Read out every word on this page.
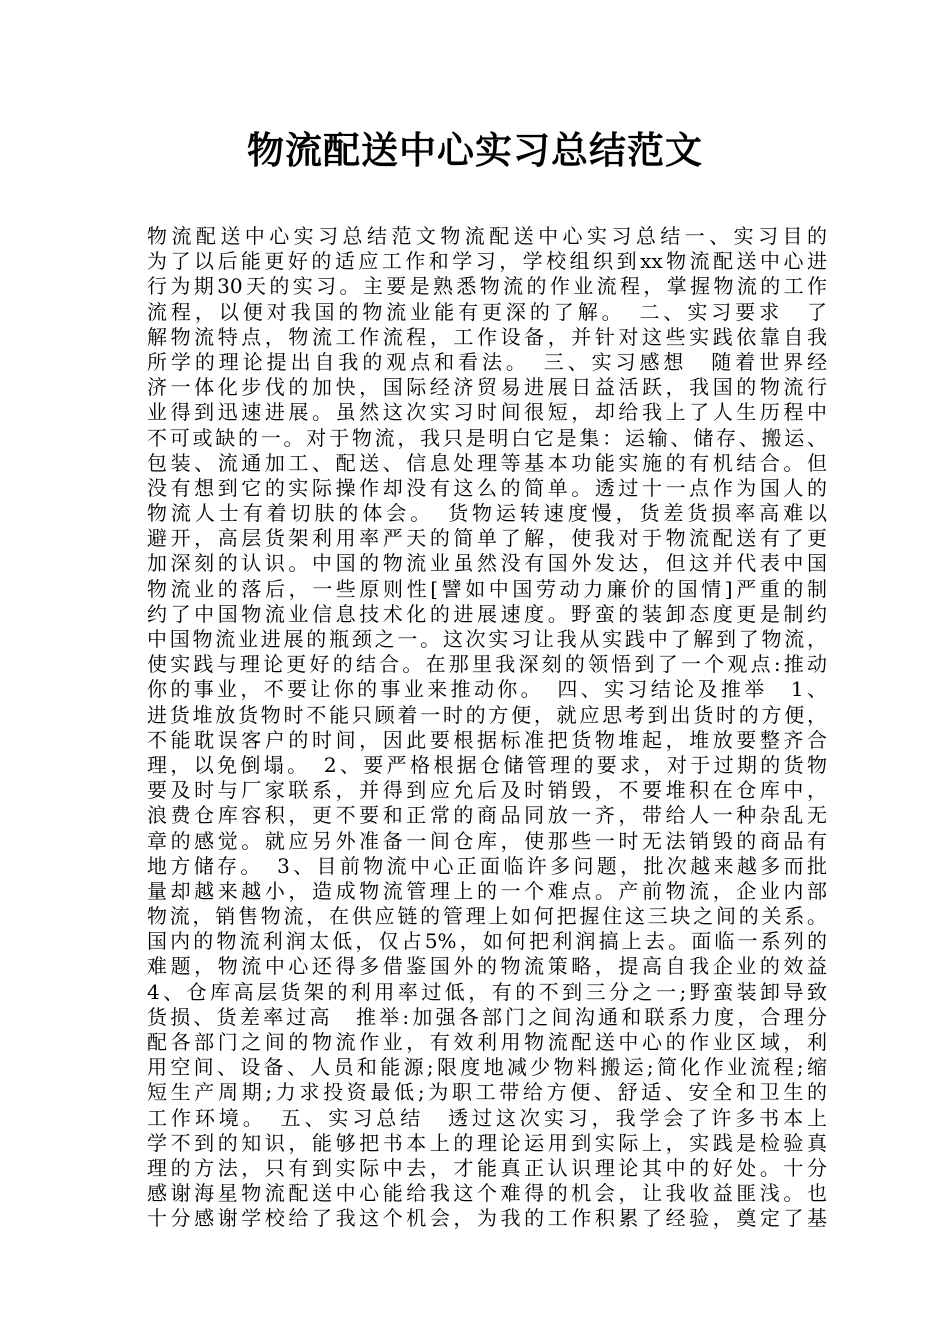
物流配送中心实习总结范文
物流配送中心实习总结范文物流配送中心实习总结一、实习目的
为了以后能更好的适应工作和学习，学校组织到xx物流配送中心进
行为期30天的实习。主要是熟悉物流的作业流程，掌握物流的工作
流程，以便对我国的物流业能有更深的了解。　二、实习要求　了
解物流特点，物流工作流程，工作设备，并针对这些实践依靠自我
所学的理论提出自我的观点和看法。　三、实习感想　随着世界经
济一体化步伐的加快，国际经济贸易进展日益活跃，我国的物流行
业得到迅速进展。虽然这次实习时间很短，却给我上了人生历程中
不可或缺的一。对于物流，我只是明白它是集：运输、储存、搬运、
包装、流通加工、配送、信息处理等基本功能实施的有机结合。但
没有想到它的实际操作却没有这么的简单。透过十一点作为国人的
物流人士有着切肤的体会。　货物运转速度慢，货差货损率高难以
避开，高层货架利用率严天的简单了解，使我对于物流配送有了更
加深刻的认识。中国的物流业虽然没有国外发达，但这并代表中国
物流业的落后，一些原则性[譬如中国劳动力廉价的国情]严重的制
约了中国物流业信息技术化的进展速度。野蛮的装卸态度更是制约
中国物流业进展的瓶颈之一。这次实习让我从实践中了解到了物流，
使实践与理论更好的结合。在那里我深刻的领悟到了一个观点:推动
你的事业，不要让你的事业来推动你。　四、实习结论及推举　1、
进货堆放货物时不能只顾着一时的方便，就应思考到出货时的方便，
不能耽误客户的时间，因此要根据标准把货物堆起，堆放要整齐合
理，以免倒塌。　2、要严格根据仓储管理的要求，对于过期的货物
要及时与厂家联系，并得到应允后及时销毁，不要堆积在仓库中，
浪费仓库容积，更不要和正常的商品同放一齐，带给人一种杂乱无
章的感觉。就应另外准备一间仓库，使那些一时无法销毁的商品有
地方储存。　3、目前物流中心正面临许多问题，批次越来越多而批
量却越来越小，造成物流管理上的一个难点。产前物流，企业内部
物流，销售物流，在供应链的管理上如何把握住这三块之间的关系。
国内的物流利润太低，仅占5%，如何把利润搞上去。面临一系列的
难题，物流中心还得多借鉴国外的物流策略，提高自我企业的效益
4、仓库高层货架的利用率过低，有的不到三分之一;野蛮装卸导致
货损、货差率过高　推举:加强各部门之间沟通和联系力度，合理分
配各部门之间的物流作业，有效利用物流配送中心的作业区域，利
用空间、设备、人员和能源;限度地减少物料搬运;简化作业流程;缩
短生产周期;力求投资最低;为职工带给方便、舒适、安全和卫生的
工作环境。　五、实习总结　透过这次实习，我学会了许多书本上
学不到的知识，能够把书本上的理论运用到实际上，实践是检验真
理的方法，只有到实际中去，才能真正认识理论其中的好处。十分
感谢海星物流配送中心能给我这个难得的机会，让我收益匪浅。也
十分感谢学校给了我这个机会，为我的工作积累了经验，奠定了基
